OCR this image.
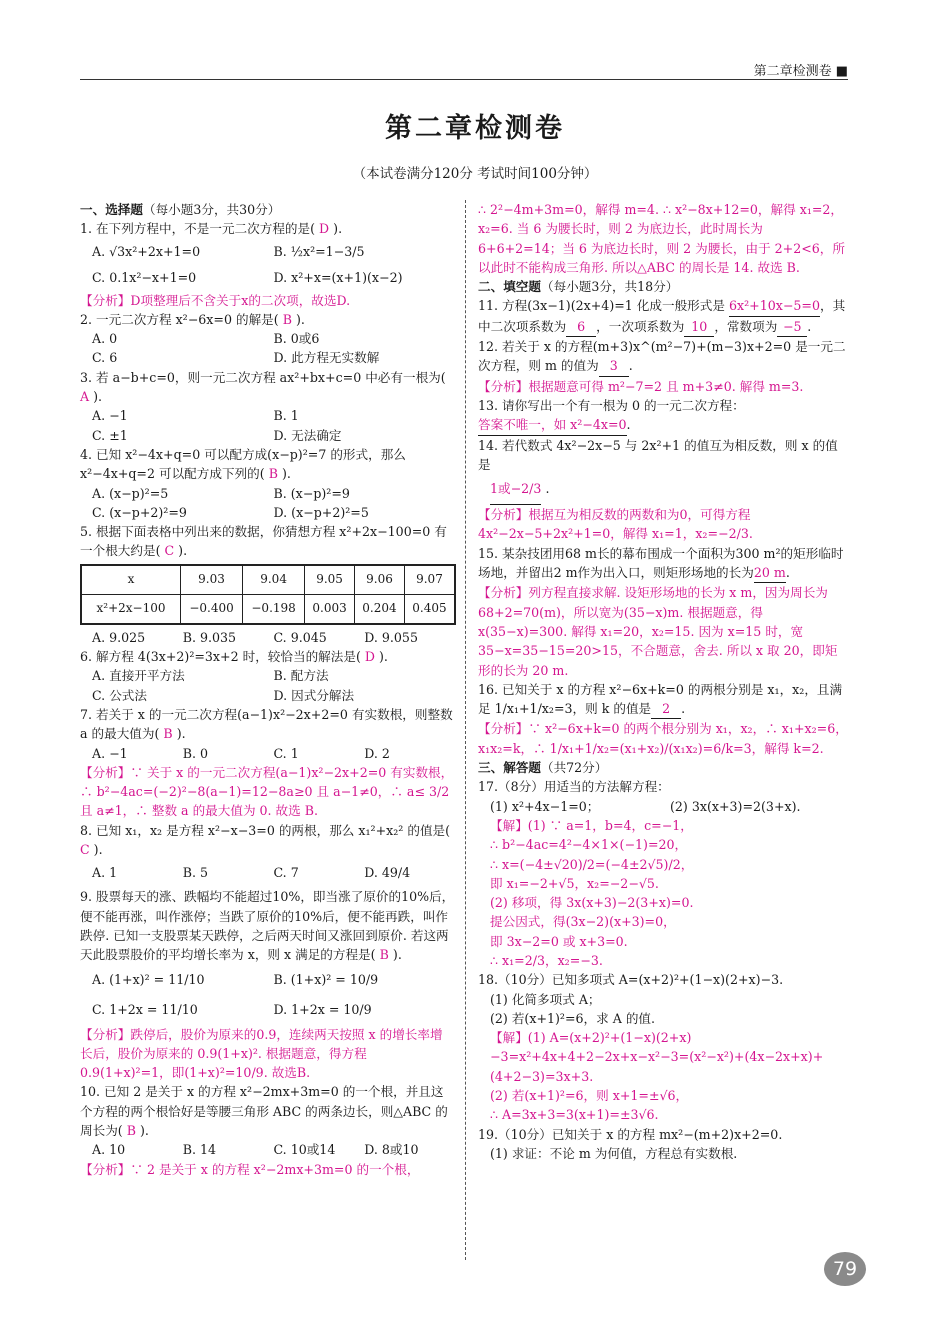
第二章检测卷 ■
第二章检测卷
（本试卷满分120分 考试时间100分钟）
一、选择题（每小题3分，共30分）
1. 在下列方程中，不是一元二次方程的是( D ).
A. √3x²+2x+1=0	B. ½x²=1−3/5
C. 0.1x²−x+1=0	D. x²+x=(x+1)(x−2)
【分析】D项整理后不含关于x的二次项，故选D.
2. 一元二次方程 x²−6x=0 的解是( B ).
A. 0	B. 0或6
C. 6	D. 此方程无实数解
3. 若 a−b+c=0，则一元二次方程 ax²+bx+c=0 中必有一根为( A ).
A. −1	B. 1
C. ±1	D. 无法确定
4. 已知 x²−4x+q=0 可以配方成(x−p)²=7 的形式，那么 x²−4x+q=2 可以配方成下列的( B ).
A. (x−p)²=5	B. (x−p)²=9
C. (x−p+2)²=9	D. (x−p+2)²=5
5. 根据下面表格中列出来的数据，你猜想方程 x²+2x−100=0 有一个根大约是( C ).
x	9.03	9.04	9.05	9.06	9.07
x²+2x−100	−0.400	−0.198	0.003	0.204	0.405
A. 9.025	B. 9.035	C. 9.045	D. 9.055
6. 解方程 4(3x+2)²=3x+2 时，较恰当的解法是( D ).
A. 直接开平方法	B. 配方法
C. 公式法	D. 因式分解法
7. 若关于 x 的一元二次方程(a−1)x²−2x+2=0 有实数根，则整数 a 的最大值为( B ).
A. −1	B. 0	C. 1	D. 2
【分析】∵ 关于 x 的一元二次方程(a−1)x²−2x+2=0 有实数根，∴ b²−4ac=(−2)²−8(a−1)=12−8a≥0 且 a−1≠0，∴ a≤ 3/2 且 a≠1，∴ 整数 a 的最大值为 0. 故选 B.
8. 已知 x₁，x₂ 是方程 x²−x−3=0 的两根，那么 x₁²+x₂² 的值是( C ).
A. 1	B. 5	C. 7	D. 49/4
9. 股票每天的涨、跌幅均不能超过10%，即当涨了原价的10%后，便不能再涨，叫作涨停；当跌了原价的10%后，便不能再跌，叫作跌停. 已知一支股票某天跌停，之后两天时间又涨回到原价. 若这两天此股票股价的平均增长率为 x，则 x 满足的方程是( B ).
A. (1+x)² = 11/10	B. (1+x)² = 10/9
C. 1+2x = 11/10	D. 1+2x = 10/9
【分析】跌停后，股价为原来的0.9，连续两天按照 x 的增长率增长后，股价为原来的 0.9(1+x)². 根据题意，得方程 0.9(1+x)²=1，即(1+x)²=10/9. 故选B.
10. 已知 2 是关于 x 的方程 x²−2mx+3m=0 的一个根，并且这个方程的两个根恰好是等腰三角形 ABC 的两条边长，则△ABC 的周长为( B ).
A. 10	B. 14	C. 10或14	D. 8或10
【分析】∵ 2 是关于 x 的方程 x²−2mx+3m=0 的一个根，
∴ 2²−4m+3m=0，解得 m=4. ∴ x²−8x+12=0，解得 x₁=2，x₂=6. 当 6 为腰长时，则 2 为底边长，此时周长为 6+6+2=14；当 6 为底边长时，则 2 为腰长，由于 2+2<6，所以此时不能构成三角形. 所以△ABC 的周长是 14. 故选 B.
二、填空题（每小题3分，共18分）
11. 方程(3x−1)(2x+4)=1 化成一般形式是 6x²+10x−5=0，其中二次项系数为 6 ，一次项系数为 10 ，常数项为 −5 .
12. 若关于 x 的方程(m+3)x^(m²−7)+(m−3)x+2=0 是一元二次方程，则 m 的值为 3 .
【分析】根据题意可得 m²−7=2 且 m+3≠0. 解得 m=3.
13. 请你写出一个有一根为 0 的一元二次方程：答案不唯一，如 x²−4x=0.
14. 若代数式 4x²−2x−5 与 2x²+1 的值互为相反数，则 x 的值是
1或−2/3 .
【分析】根据互为相反数的两数和为0，可得方程 4x²−2x−5+2x²+1=0，解得 x₁=1，x₂=−2/3.
15. 某杂技团用68 m长的幕布围成一个面积为300 m²的矩形临时场地，并留出2 m作为出入口，则矩形场地的长为20 m.
【分析】列方程直接求解. 设矩形场地的长为 x m，因为周长为 68+2=70(m)，所以宽为(35−x)m. 根据题意，得 x(35−x)=300. 解得 x₁=20，x₂=15. 因为 x=15 时，宽 35−x=35−15=20>15，不合题意，舍去. 所以 x 取 20，即矩形的长为 20 m.
16. 已知关于 x 的方程 x²−6x+k=0 的两根分别是 x₁，x₂，且满足 1/x₁+1/x₂=3，则 k 的值是 2 .
【分析】∵ x²−6x+k=0 的两个根分别为 x₁，x₂，∴ x₁+x₂=6，x₁x₂=k，∴ 1/x₁+1/x₂=(x₁+x₂)/(x₁x₂)=6/k=3，解得 k=2.
三、解答题（共72分）
17.（8分）用适当的方法解方程：
(1) x²+4x−1=0；	(2) 3x(x+3)=2(3+x).
【解】(1) ∵ a=1，b=4，c=−1，
∴ b²−4ac=4²−4×1×(−1)=20，
∴ x=(−4±√20)/2=(−4±2√5)/2，
即 x₁=−2+√5，x₂=−2−√5.
(2) 移项，得 3x(x+3)−2(3+x)=0.
提公因式，得(3x−2)(x+3)=0，
即 3x−2=0 或 x+3=0.
∴ x₁=2/3，x₂=−3.
18.（10分）已知多项式 A=(x+2)²+(1−x)(2+x)−3.
(1) 化简多项式 A；
(2) 若(x+1)²=6，求 A 的值.
【解】(1) A=(x+2)²+(1−x)(2+x)−3=x²+4x+4+2−2x+x−x²−3=(x²−x²)+(4x−2x+x)+(4+2−3)=3x+3.
(2) 若(x+1)²=6，则 x+1=±√6，
∴ A=3x+3=3(x+1)=±3√6.
19.（10分）已知关于 x 的方程 mx²−(m+2)x+2=0.
(1) 求证：不论 m 为何值，方程总有实数根.
79
